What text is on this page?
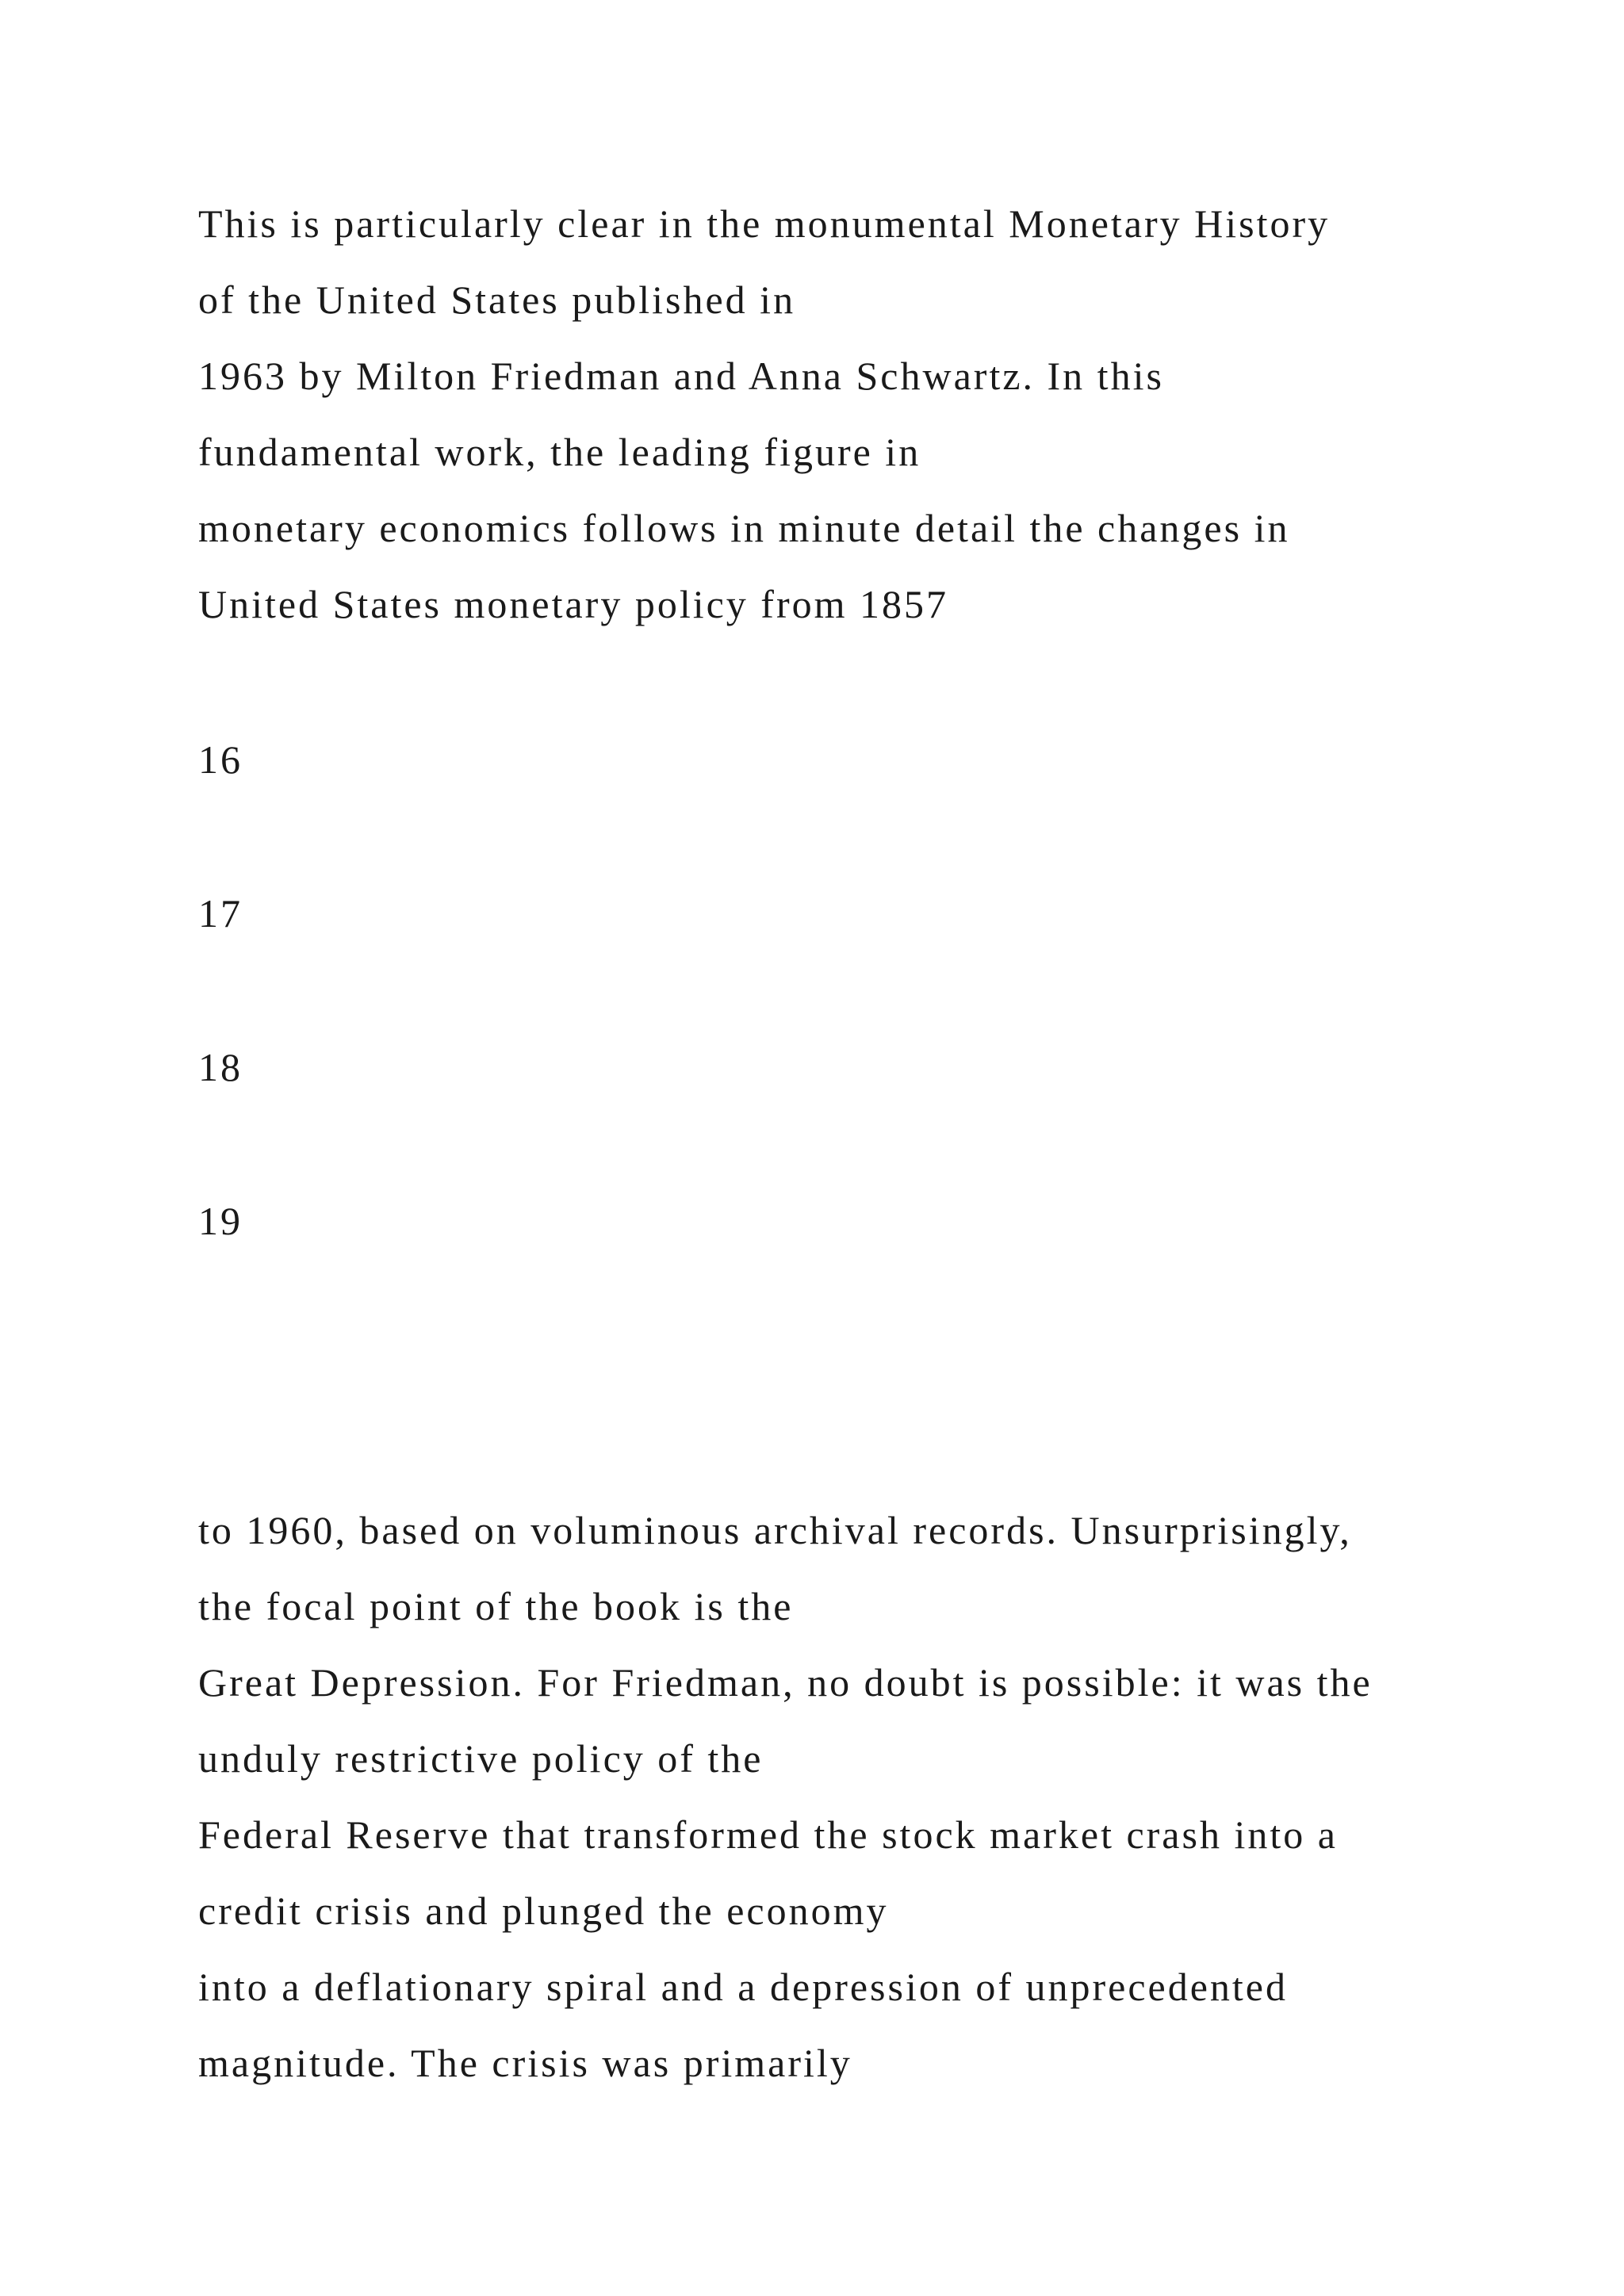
This is particularly clear in the monumental Monetary History
of the United States published in
1963 by Milton Friedman and Anna Schwartz. In this
fundamental work, the leading figure in
monetary economics follows in minute detail the changes in
United States monetary policy from 1857
16
17
18
19
to 1960, based on voluminous archival records. Unsurprisingly,
the focal point of the book is the
Great Depression. For Friedman, no doubt is possible: it was the
unduly restrictive policy of the
Federal Reserve that transformed the stock market crash into a
credit crisis and plunged the economy
into a deflationary spiral and a depression of unprecedented
magnitude. The crisis was primarily
